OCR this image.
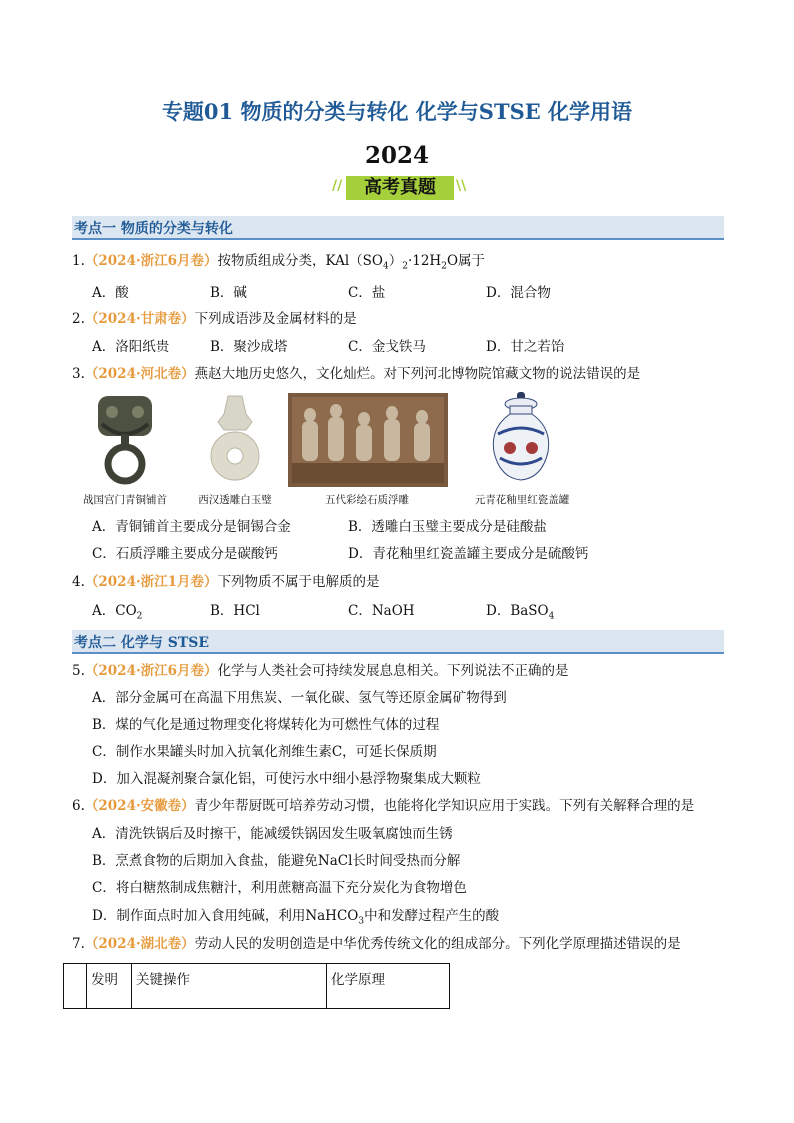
专题01 物质的分类与转化 化学与STSE 化学用语
2024
//	高考真题	\\
考点一 物质的分类与转化
1.（2024·浙江6月卷）按物质组成分类，$KAl(SO_4)_2\cdot 12H_2O$属于
A．酸	B．碱	C．盐	D．混合物
2.（2024·甘肃卷）下列成语涉及金属材料的是
A．洛阳纸贵	B．聚沙成塔	C．金戈铁马	D．甘之若饴
3.（2024·河北卷）燕赵大地历史悠久，文化灿烂。对下列河北博物院馆藏文物的说法错误的是
战国宫门青铜铺首	西汉透雕白玉璧	五代彩绘石质浮雕	元青花釉里红瓷盖罐
A．青铜铺首主要成分是铜锡合金	B．透雕白玉璧主要成分是硅酸盐
C．石质浮雕主要成分是碳酸钙	D．青花釉里红瓷盖罐主要成分是硫酸钙
4.（2024·浙江1月卷）下列物质不属于电解质的是
A．$CO_2$	B．HCl	C．NaOH	D．BaSO$_4$
考点二 化学与 STSE
5.（2024·浙江6月卷）化学与人类社会可持续发展息息相关。下列说法不正确的是
A．部分金属可在高温下用焦炭、一氧化碳、氢气等还原金属矿物得到
B．煤的气化是通过物理变化将煤转化为可燃性气体的过程
C．制作水果罐头时加入抗氧化剂维生素C，可延长保质期
D．加入混凝剂聚合氯化铝，可使污水中细小悬浮物聚集成大颗粒
6.（2024·安徽卷）青少年帮厨既可培养劳动习惯，也能将化学知识应用于实践。下列有关解释合理的是
A．清洗铁锅后及时擦干，能减缓铁锅因发生吸氧腐蚀而生锈
B．烹煮食物的后期加入食盐，能避免NaCl长时间受热而分解
C．将白糖熬制成焦糖汁，利用蔗糖高温下充分炭化为食物增色
D．制作面点时加入食用纯碱，利用NaHCO$_3$中和发酵过程产生的酸
7.（2024·湖北卷）劳动人民的发明创造是中华优秀传统文化的组成部分。下列化学原理描述错误的是
	发明	关键操作	化学原理
